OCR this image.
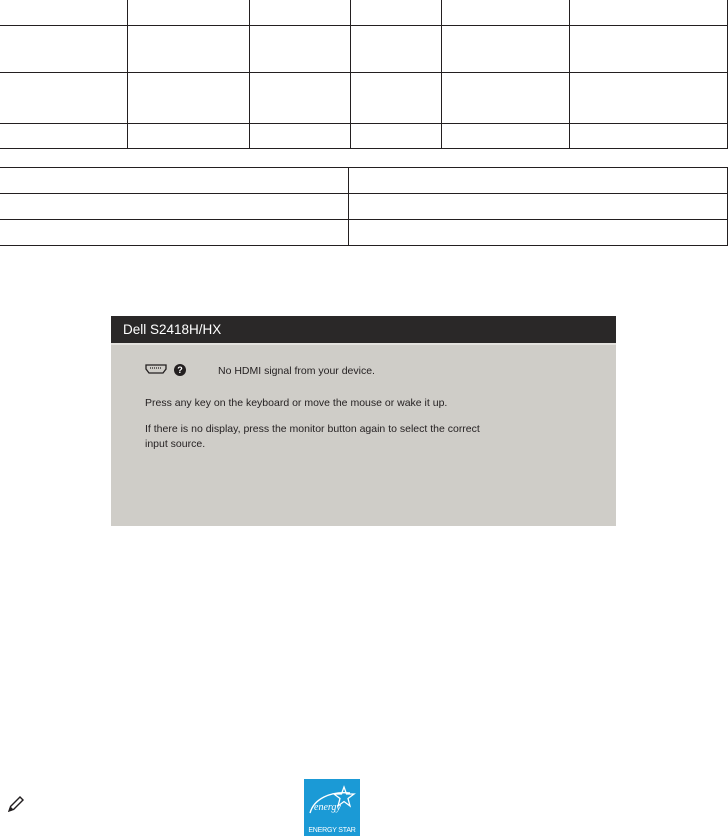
Dell S2418H/HX
?	No HDMI signal from your device.
Press any key on the keyboard or move the mouse or wake it up.
If there is no display, press the monitor button again to select the correct
input source.
energy
ENERGY STAR
